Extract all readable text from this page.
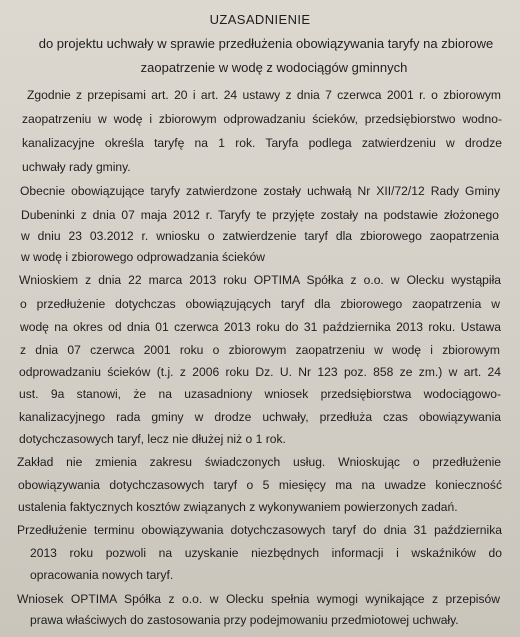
UZASADNIENIE
do projektu uchwały w sprawie przedłużenia obowiązywania taryfy na zbiorowe
zaopatrzenie w wodę z wodociągów gminnych
Zgodnie z przepisami art. 20 i art. 24 ustawy z dnia 7 czerwca 2001 r. o zbiorowym
zaopatrzeniu w wodę i zbiorowym odprowadzaniu ścieków, przedsiębiorstwo wodno-
kanalizacyjne określa taryfę na 1 rok. Taryfa podlega zatwierdzeniu w drodze
uchwały rady gminy.
Obecnie obowiązujące taryfy zatwierdzone zostały uchwałą Nr XII/72/12 Rady Gminy
Dubeninki z dnia 07 maja 2012 r. Taryfy te przyjęte zostały na podstawie złożonego
w dniu 23 03.2012 r. wniosku o zatwierdzenie taryf dla zbiorowego zaopatrzenia
w wodę i zbiorowego odprowadzania ścieków
Wnioskiem z dnia 22 marca 2013 roku OPTIMA Spółka z o.o. w Olecku wystąpiła
o przedłużenie dotychczas obowiązujących taryf dla zbiorowego zaopatrzenia w
wodę na okres od dnia 01 czerwca 2013 roku do 31 października 2013 roku. Ustawa
z dnia 07 czerwca 2001 roku o zbiorowym zaopatrzeniu w wodę i zbiorowym
odprowadzaniu ścieków (t.j. z 2006 roku Dz. U. Nr 123 poz. 858 ze zm.) w art. 24
ust. 9a stanowi, że na uzasadniony wniosek przedsiębiorstwa wodociągowo-
kanalizacyjnego rada gminy w drodze uchwały, przedłuża czas obowiązywania
dotychczasowych taryf, lecz nie dłużej niż o 1 rok.
Zakład nie zmienia zakresu świadczonych usług. Wnioskując o przedłużenie
obowiązywania dotychczasowych taryf o 5 miesięcy ma na uwadze konieczność
ustalenia faktycznych kosztów związanych z wykonywaniem powierzonych zadań.
Przedłużenie terminu obowiązywania dotychczasowych taryf do dnia 31 października
2013 roku pozwoli na uzyskanie niezbędnych informacji i wskaźników do
opracowania nowych taryf.
Wniosek OPTIMA Spółka z o.o. w Olecku spełnia wymogi wynikające z przepisów
prawa właściwych do zastosowania przy podejmowaniu przedmiotowej uchwały.
